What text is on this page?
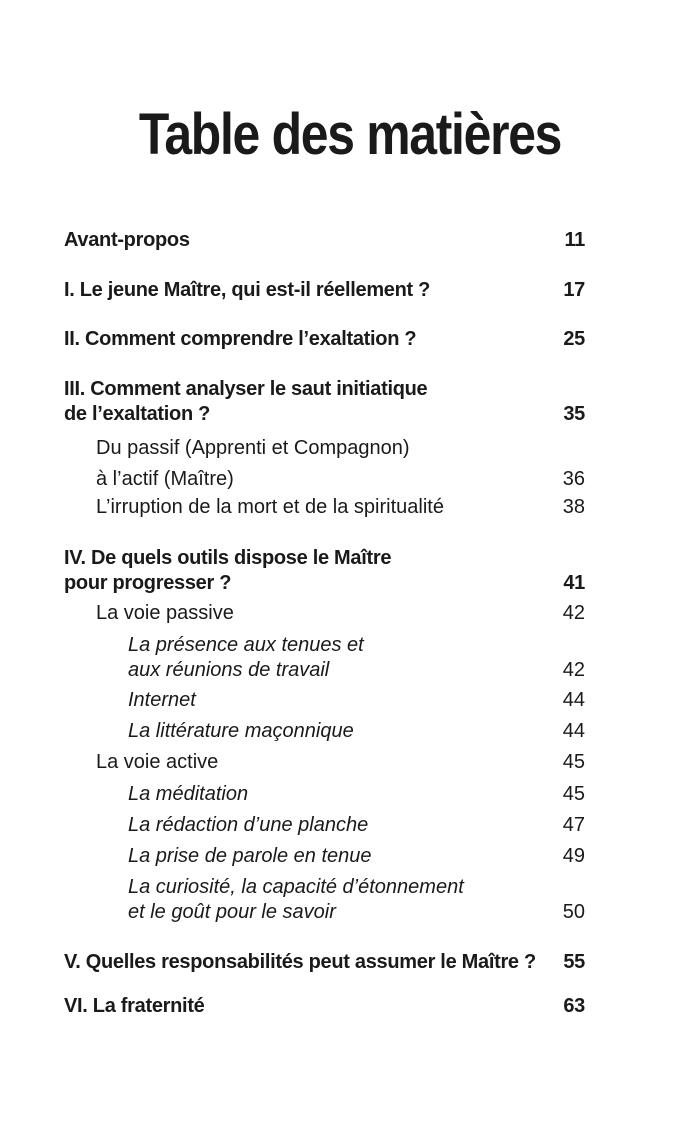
Table des matières
Avant-propos	11
I. Le jeune Maître, qui est-il réellement ?	17
II. Comment comprendre l’exaltation ?	25
III. Comment analyser le saut initiatique
de l’exaltation ?	35
Du passif (Apprenti et Compagnon)
à l’actif (Maître)	36
L’irruption de la mort et de la spiritualité	38
IV. De quels outils dispose le Maître
pour progresser ?	41
La voie passive	42
La présence aux tenues et
aux réunions de travail	42
Internet	44
La littérature maçonnique	44
La voie active	45
La méditation	45
La rédaction d’une planche	47
La prise de parole en tenue	49
La curiosité, la capacité d’étonnement
et le goût pour le savoir	50
V. Quelles responsabilités peut assumer le Maître ? 55
VI. La fraternité	63
